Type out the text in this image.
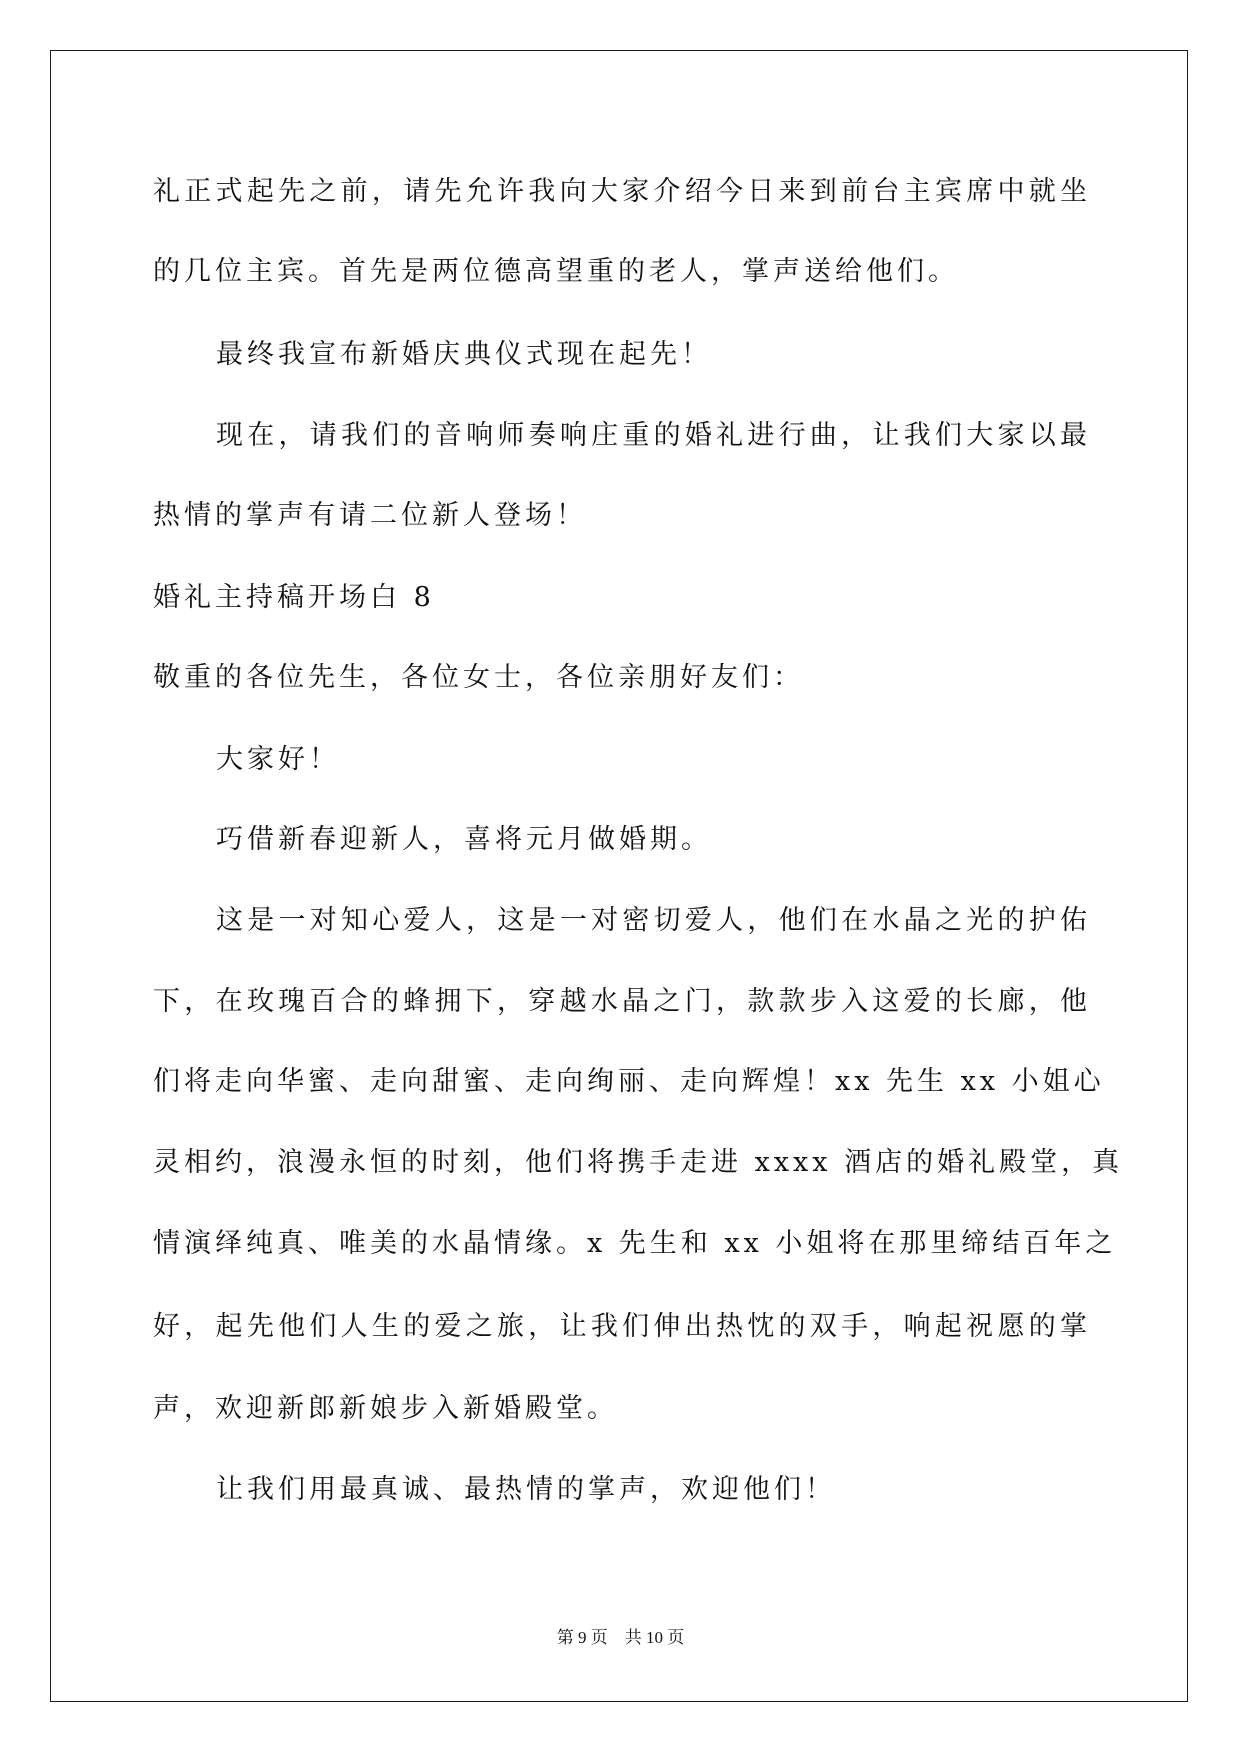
礼正式起先之前，请先允许我向大家介绍今日来到前台主宾席中就坐
的几位主宾。首先是两位德高望重的老人，掌声送给他们。
最终我宣布新婚庆典仪式现在起先！
现在，请我们的音响师奏响庄重的婚礼进行曲，让我们大家以最
热情的掌声有请二位新人登场！
婚礼主持稿开场白 8
敬重的各位先生，各位女士，各位亲朋好友们：
大家好！
巧借新春迎新人，喜将元月做婚期。
这是一对知心爱人，这是一对密切爱人，他们在水晶之光的护佑
下，在玫瑰百合的蜂拥下，穿越水晶之门，款款步入这爱的长廊，他
们将走向华蜜、走向甜蜜、走向绚丽、走向辉煌！xx 先生 xx 小姐心
灵相约，浪漫永恒的时刻，他们将携手走进 xxxx 酒店的婚礼殿堂，真
情演绎纯真、唯美的水晶情缘。x 先生和 xx 小姐将在那里缔结百年之
好，起先他们人生的爱之旅，让我们伸出热忱的双手，响起祝愿的掌
声，欢迎新郎新娘步入新婚殿堂。
让我们用最真诚、最热情的掌声，欢迎他们！
第 9 页　共 10 页
